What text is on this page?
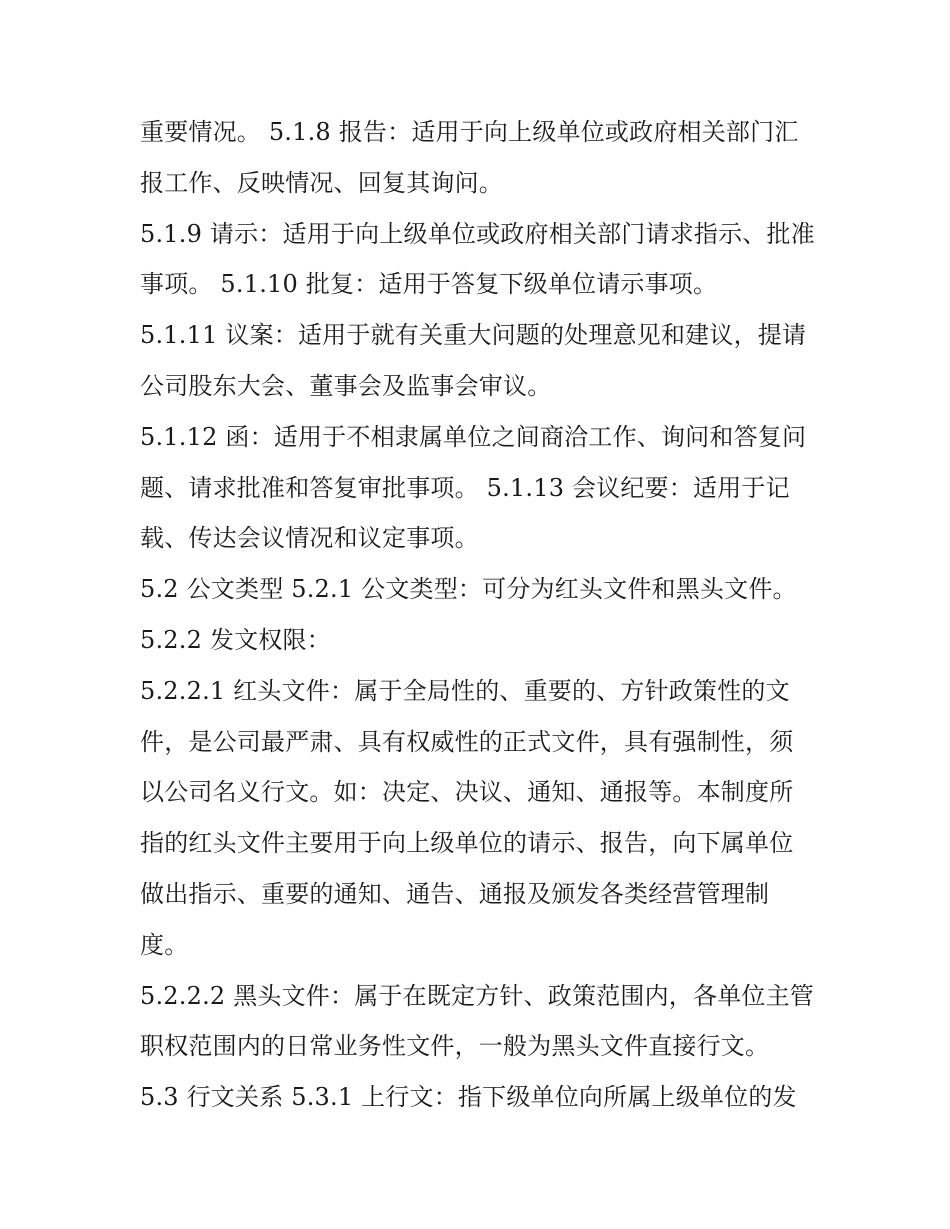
重要情况。 5.1.8 报告：适用于向上级单位或政府相关部门汇
报工作、反映情况、回复其询问。
5.1.9 请示：适用于向上级单位或政府相关部门请求指示、批准
事项。 5.1.10 批复：适用于答复下级单位请示事项。
5.1.11 议案：适用于就有关重大问题的处理意见和建议，提请
公司股东大会、董事会及监事会审议。
5.1.12 函：适用于不相隶属单位之间商洽工作、询问和答复问
题、请求批准和答复审批事项。 5.1.13 会议纪要：适用于记
载、传达会议情况和议定事项。
5.2 公文类型 5.2.1 公文类型：可分为红头文件和黑头文件。
5.2.2 发文权限：
5.2.2.1 红头文件：属于全局性的、重要的、方针政策性的文
件，是公司最严肃、具有权威性的正式文件，具有强制性，须
以公司名义行文。如：决定、决议、通知、通报等。本制度所
指的红头文件主要用于向上级单位的请示、报告，向下属单位
做出指示、重要的通知、通告、通报及颁发各类经营管理制
度。
5.2.2.2 黑头文件：属于在既定方针、政策范围内，各单位主管
职权范围内的日常业务性文件，一般为黑头文件直接行文。
5.3 行文关系 5.3.1 上行文：指下级单位向所属上级单位的发
